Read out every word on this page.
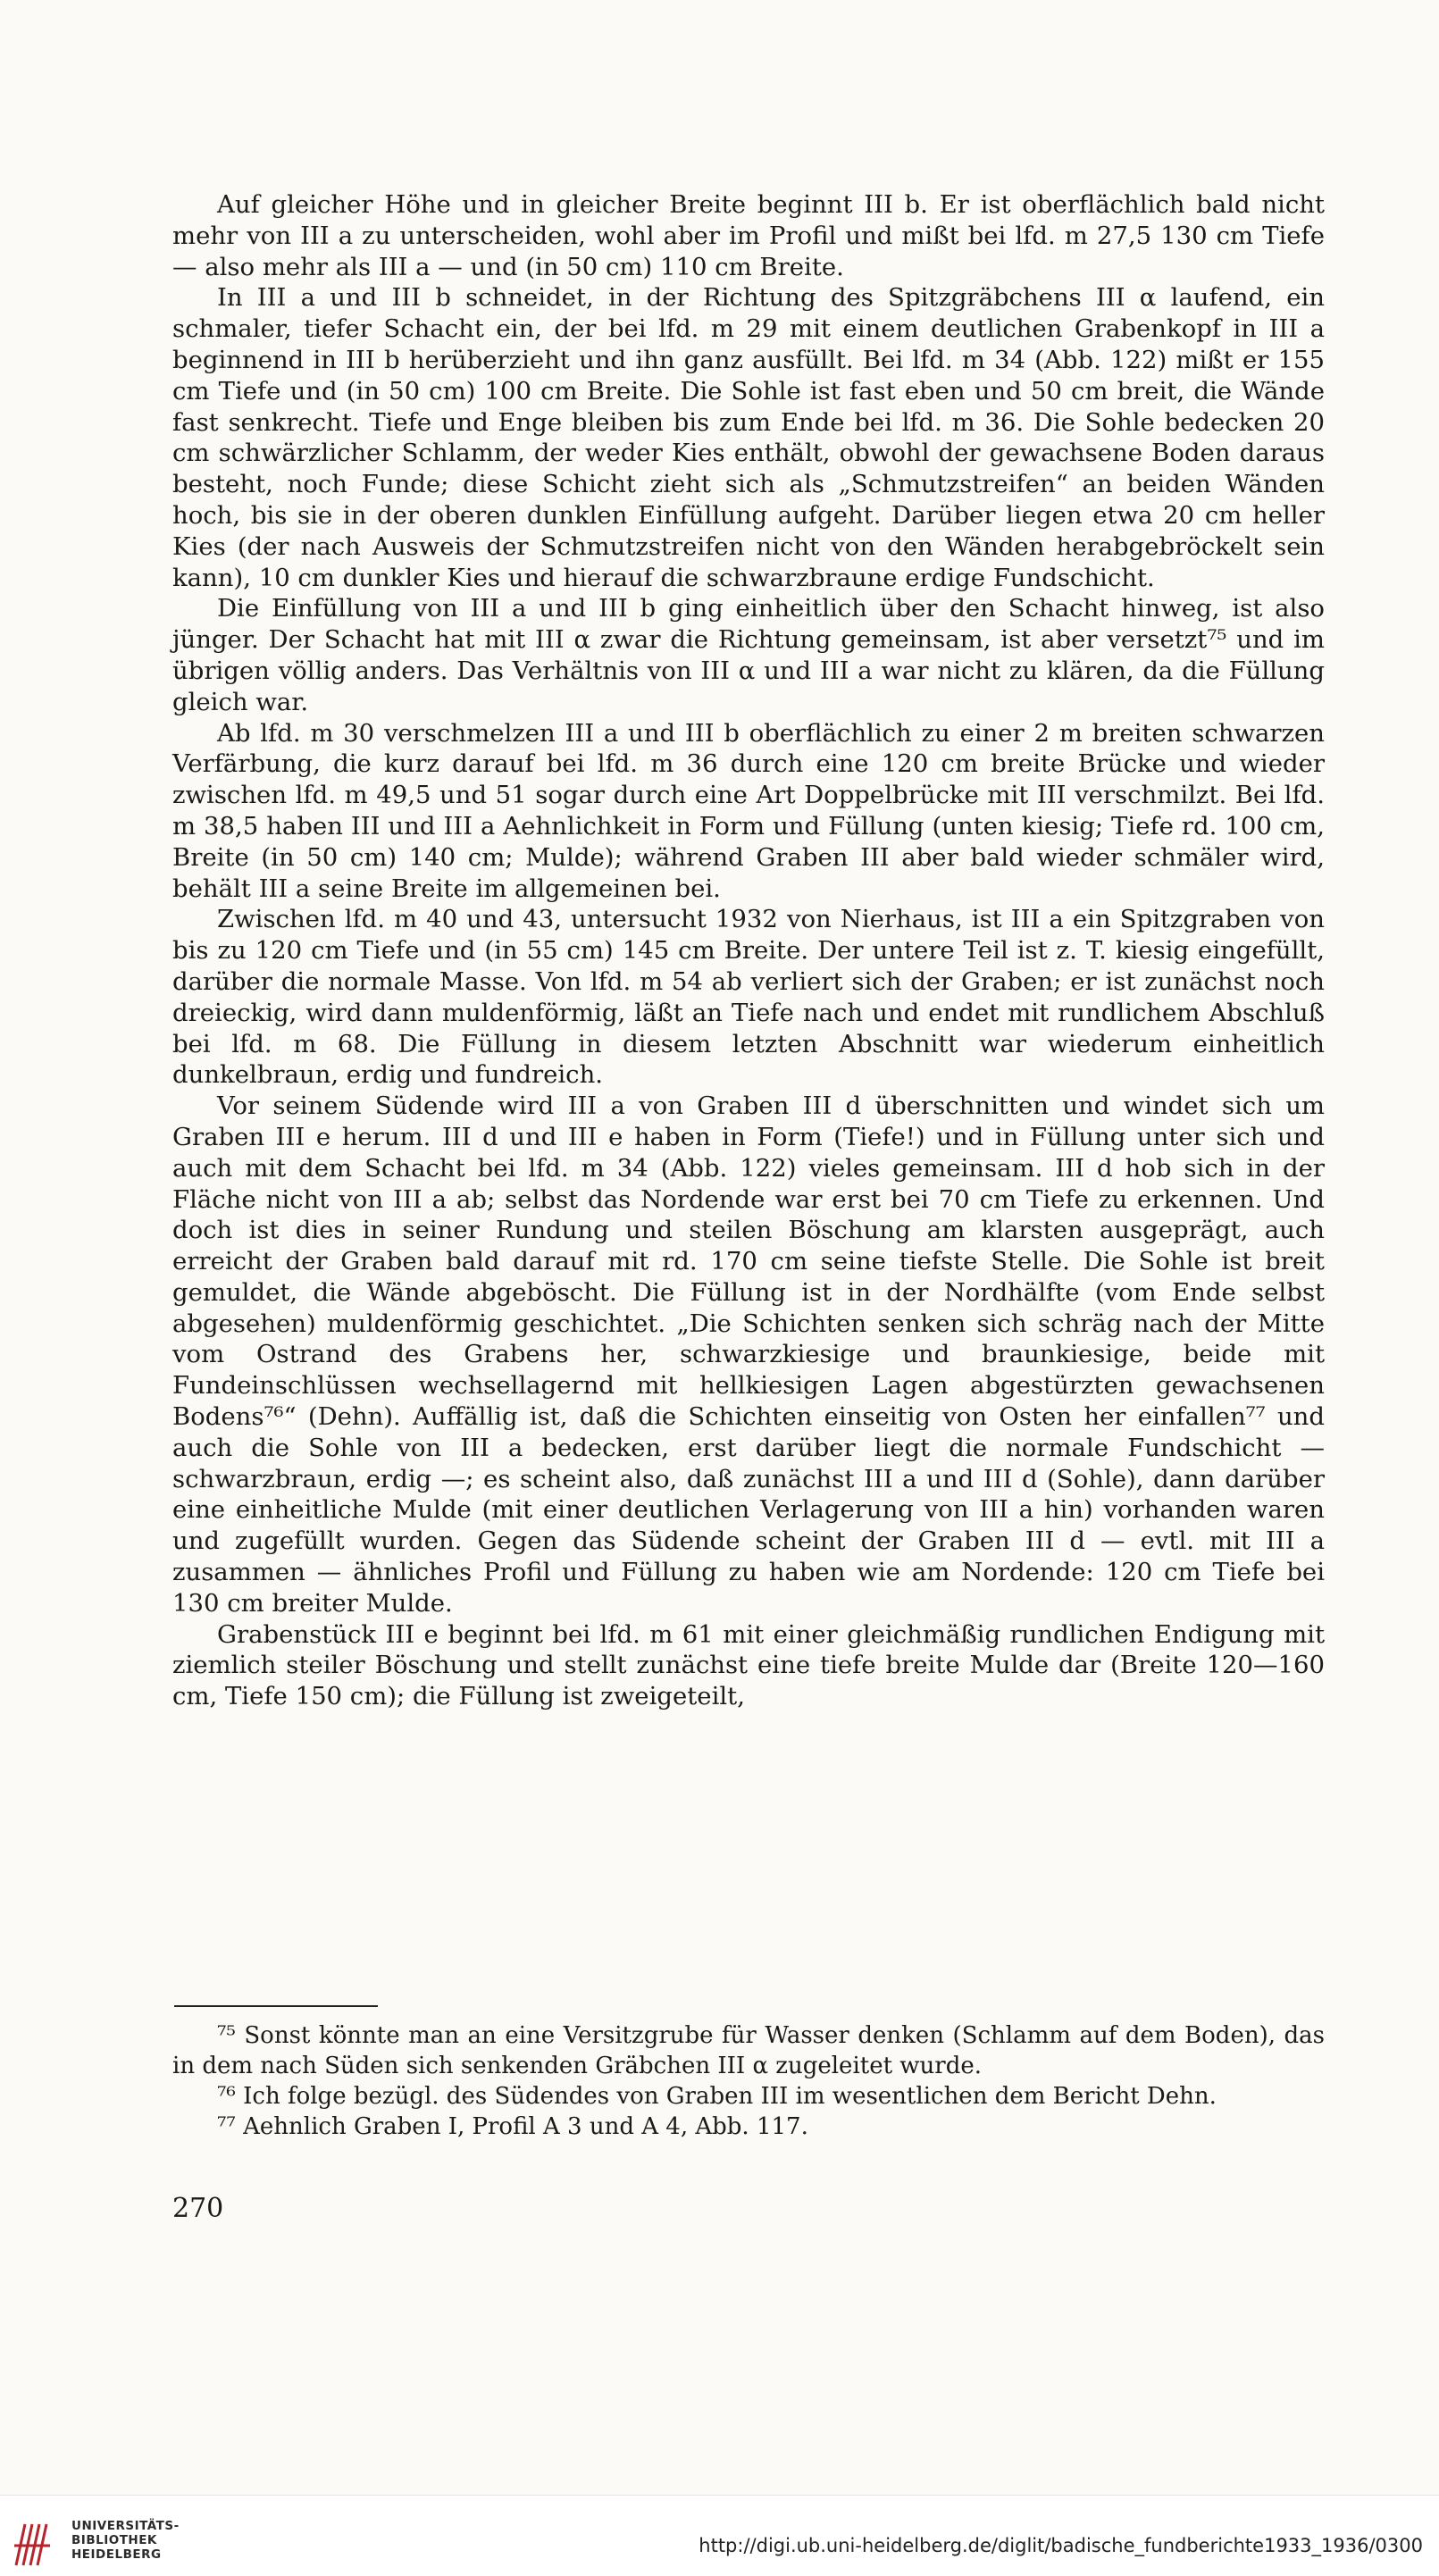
Auf gleicher Höhe und in gleicher Breite beginnt III b. Er ist oberflächlich bald nicht mehr von III a zu unterscheiden, wohl aber im Profil und mißt bei lfd. m 27,5 130 cm Tiefe — also mehr als III a — und (in 50 cm) 110 cm Breite.

In III a und III b schneidet, in der Richtung des Spitzgräbchens III α laufend, ein schmaler, tiefer Schacht ein, der bei lfd. m 29 mit einem deutlichen Grabenkopf in III a beginnend in III b herüberzieht und ihn ganz ausfüllt. Bei lfd. m 34 (Abb. 122) mißt er 155 cm Tiefe und (in 50 cm) 100 cm Breite. Die Sohle ist fast eben und 50 cm breit, die Wände fast senkrecht. Tiefe und Enge bleiben bis zum Ende bei lfd. m 36. Die Sohle bedecken 20 cm schwärzlicher Schlamm, der weder Kies enthält, obwohl der gewachsene Boden daraus besteht, noch Funde; diese Schicht zieht sich als „Schmutzstreifen“ an beiden Wänden hoch, bis sie in der oberen dunklen Einfüllung aufgeht. Darüber liegen etwa 20 cm heller Kies (der nach Ausweis der Schmutzstreifen nicht von den Wänden herabgebröckelt sein kann), 10 cm dunkler Kies und hierauf die schwarzbraune erdige Fundschicht.

Die Einfüllung von III a und III b ging einheitlich über den Schacht hinweg, ist also jünger. Der Schacht hat mit III α zwar die Richtung gemeinsam, ist aber versetzt⁷⁵ und im übrigen völlig anders. Das Verhältnis von III α und III a war nicht zu klären, da die Füllung gleich war.

Ab lfd. m 30 verschmelzen III a und III b oberflächlich zu einer 2 m breiten schwarzen Verfärbung, die kurz darauf bei lfd. m 36 durch eine 120 cm breite Brücke und wieder zwischen lfd. m 49,5 und 51 sogar durch eine Art Doppelbrücke mit III verschmilzt. Bei lfd. m 38,5 haben III und III a Aehnlichkeit in Form und Füllung (unten kiesig; Tiefe rd. 100 cm, Breite (in 50 cm) 140 cm; Mulde); während Graben III aber bald wieder schmäler wird, behält III a seine Breite im allgemeinen bei.

Zwischen lfd. m 40 und 43, untersucht 1932 von Nierhaus, ist III a ein Spitzgraben von bis zu 120 cm Tiefe und (in 55 cm) 145 cm Breite. Der untere Teil ist z. T. kiesig eingefüllt, darüber die normale Masse. Von lfd. m 54 ab verliert sich der Graben; er ist zunächst noch dreieckig, wird dann muldenförmig, läßt an Tiefe nach und endet mit rundlichem Abschluß bei lfd. m 68. Die Füllung in diesem letzten Abschnitt war wiederum einheitlich dunkelbraun, erdig und fundreich.

Vor seinem Südende wird III a von Graben III d überschnitten und windet sich um Graben III e herum. III d und III e haben in Form (Tiefe!) und in Füllung unter sich und auch mit dem Schacht bei lfd. m 34 (Abb. 122) vieles gemeinsam. III d hob sich in der Fläche nicht von III a ab; selbst das Nordende war erst bei 70 cm Tiefe zu erkennen. Und doch ist dies in seiner Rundung und steilen Böschung am klarsten ausgeprägt, auch erreicht der Graben bald darauf mit rd. 170 cm seine tiefste Stelle. Die Sohle ist breit gemuldet, die Wände abgeböscht. Die Füllung ist in der Nordhälfte (vom Ende selbst abgesehen) muldenförmig geschichtet. „Die Schichten senken sich schräg nach der Mitte vom Ostrand des Grabens her, schwarzkiesige und braunkiesige, beide mit Fundeinschlüssen wechsellagernd mit hellkiesigen Lagen abgestürzten gewachsenen Bodens⁷⁶“ (Dehn). Auffällig ist, daß die Schichten einseitig von Osten her einfallen⁷⁷ und auch die Sohle von III a bedecken, erst darüber liegt die normale Fundschicht — schwarzbraun, erdig —; es scheint also, daß zunächst III a und III d (Sohle), dann darüber eine einheitliche Mulde (mit einer deutlichen Verlagerung von III a hin) vorhanden waren und zugefüllt wurden. Gegen das Südende scheint der Graben III d — evtl. mit III a zusammen — ähnliches Profil und Füllung zu haben wie am Nordende: 120 cm Tiefe bei 130 cm breiter Mulde.

Grabenstück III e beginnt bei lfd. m 61 mit einer gleichmäßig rundlichen Endigung mit ziemlich steiler Böschung und stellt zunächst eine tiefe breite Mulde dar (Breite 120—160 cm, Tiefe 150 cm); die Füllung ist zweigeteilt,

⁷⁵ Sonst könnte man an eine Versitzgrube für Wasser denken (Schlamm auf dem Boden), das in dem nach Süden sich senkenden Gräbchen III α zugeleitet wurde.

⁷⁶ Ich folge bezügl. des Südendes von Graben III im wesentlichen dem Bericht Dehn.

⁷⁷ Aehnlich Graben I, Profil A 3 und A 4, Abb. 117.

270
UNIVERSITÄTS-
BIBLIOTHEK
HEIDELBERG	http://digi.ub.uni-heidelberg.de/diglit/badische_fundberichte1933_1936/0300
